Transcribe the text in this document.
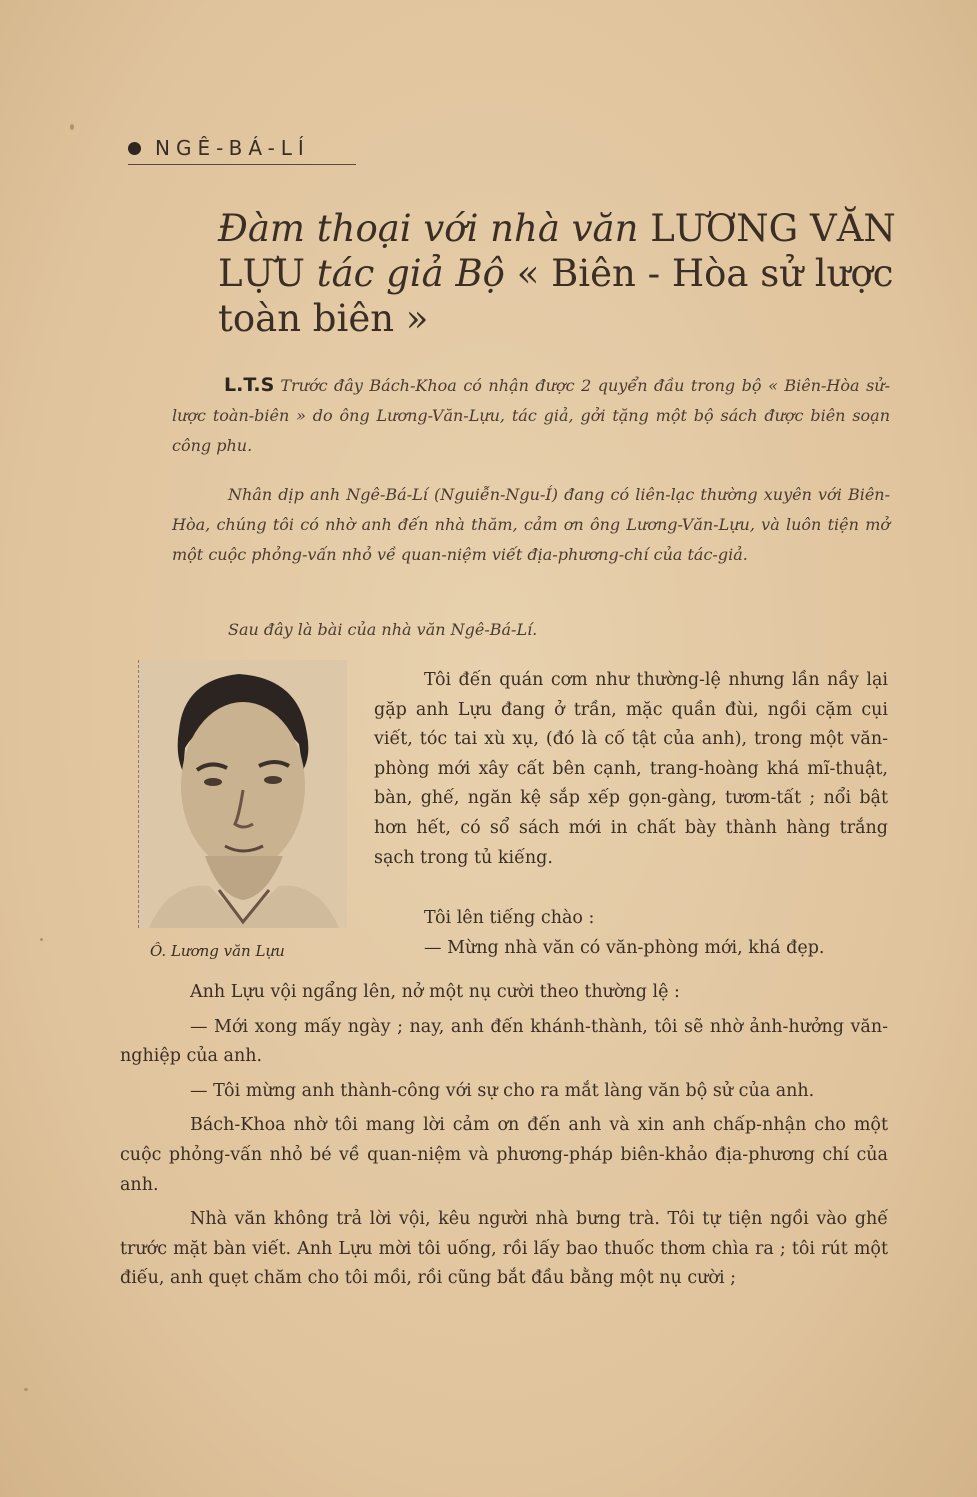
NGÊ-BÁ-LÍ
Đàm thoại với nhà văn LƯƠNG VĂN
LỰU tác giả Bộ « Biên - Hòa sử lược
toàn biên »
L.T.S Trước đây Bách-Khoa có nhận được 2 quyển đầu trong bộ « Biên-Hòa sử-lược toàn-biên » do ông Lương-Văn-Lựu, tác giả, gởi tặng một bộ sách được biên soạn công phu.
Nhân dịp anh Ngê-Bá-Lí (Nguiễn-Ngu-Í) đang có liên-lạc thường xuyên với Biên-Hòa, chúng tôi có nhờ anh đến nhà thăm, cảm ơn ông Lương-Văn-Lựu, và luôn tiện mở một cuộc phỏng-vấn nhỏ về quan-niệm viết địa-phương-chí của tác-giả.
Sau đây là bài của nhà văn Ngê-Bá-Lí.
Ô. Lương văn Lựu
Tôi đến quán cơm như thường-lệ nhưng lần nầy lại gặp anh Lựu đang ở trần, mặc quần đùi, ngồi cặm cụi viết, tóc tai xù xụ, (đó là cố tật của anh), trong một văn-phòng mới xây cất bên cạnh, trang-hoàng khá mĩ-thuật, bàn, ghế, ngăn kệ sắp xếp gọn-gàng, tươm-tất ; nổi bật hơn hết, có sổ sách mới in chất bày thành hàng trắng sạch trong tủ kiếng.
Tôi lên tiếng chào :
— Mừng nhà văn có văn-phòng mới, khá đẹp.

Anh Lựu vội ngẩng lên, nở một nụ cười theo thường lệ :

— Mới xong mấy ngày ; nay, anh đến khánh-thành, tôi sẽ nhờ ảnh-hưởng văn-nghiệp của anh.

— Tôi mừng anh thành-công với sự cho ra mắt làng văn bộ sử của anh.

Bách-Khoa nhờ tôi mang lời cảm ơn đến anh và xin anh chấp-nhận cho một cuộc phỏng-vấn nhỏ bé về quan-niệm và phương-pháp biên-khảo địa-phương chí của anh.

Nhà văn không trả lời vội, kêu người nhà bưng trà. Tôi tự tiện ngồi vào ghế trước mặt bàn viết. Anh Lựu mời tôi uống, rồi lấy bao thuốc thơm chìa ra ; tôi rút một điếu, anh quẹt chăm cho tôi mồi, rồi cũng bắt đầu bằng một nụ cười ;
